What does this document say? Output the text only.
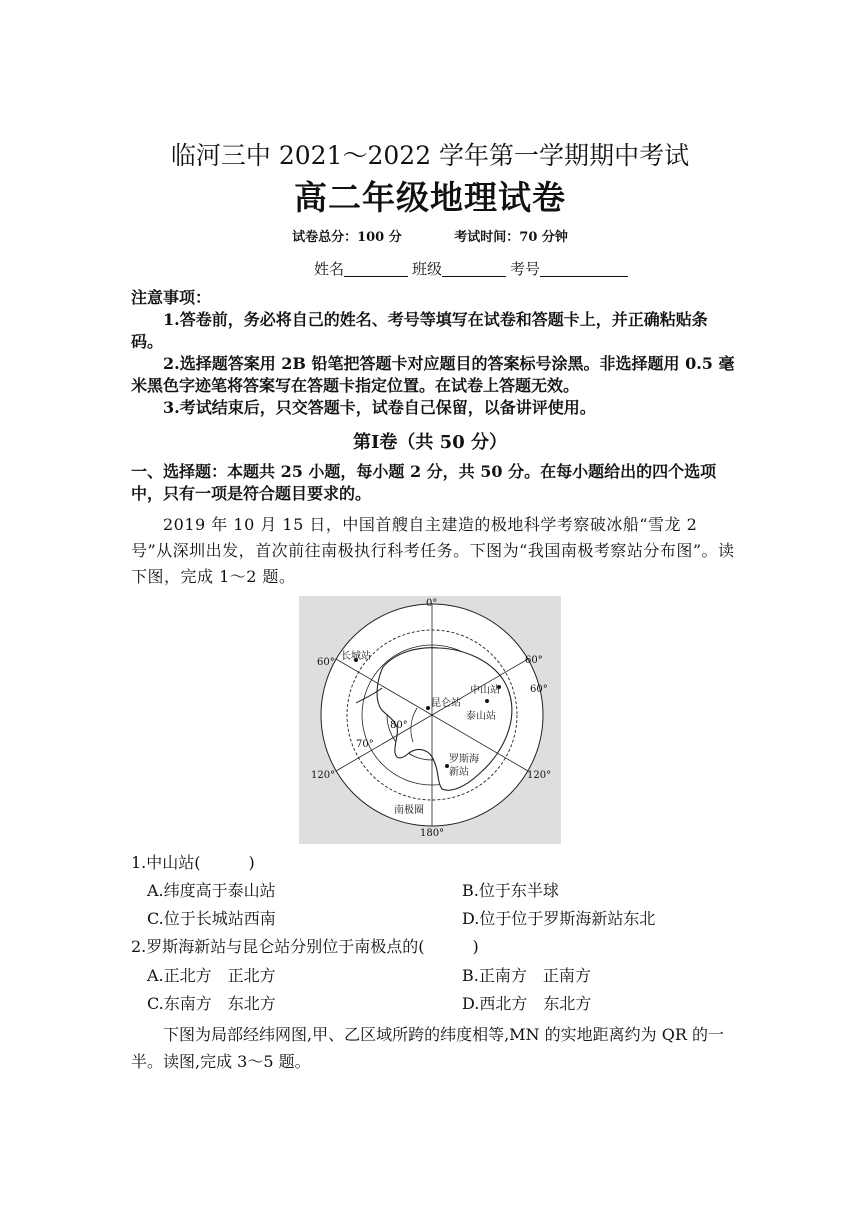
临河三中 2021～2022 学年第一学期期中考试
高二年级地理试卷
试卷总分：100 分	考试时间：70 分钟
姓名	班级	考号
注意事项：
1.答卷前，务必将自己的姓名、考号等填写在试卷和答题卡上，并正确粘贴条码。
2.选择题答案用 2B 铅笔把答题卡对应题目的答案标号涂黑。非选择题用 0.5 毫米黑色字迹笔将答案写在答题卡指定位置。在试卷上答题无效。
3.考试结束后，只交答题卡，试卷自己保留，以备讲评使用。
第Ⅰ卷（共 50 分）
一、选择题：本题共 25 小题，每小题 2 分，共 50 分。在每小题给出的四个选项中，只有一项是符合题目要求的。
2019 年 10 月 15 日，中国首艘自主建造的极地科学考察破冰船“雪龙 2 号”从深圳出发，首次前往南极执行科考任务。下图为“我国南极考察站分布图”。读下图，完成 1～2 题。
0°
180°
60°	60°
60°
120°	120°
80°
70°
长城站
昆仑站
中山站
泰山站
罗斯海
新站
南极圈
1.中山站(　　　)
A.纬度高于泰山站	B.位于东半球
C.位于长城站西南	D.位于位于罗斯海新站东北
2.罗斯海新站与昆仑站分别位于南极点的(　　　)
A.正北方　正北方	B.正南方　正南方
C.东南方　东北方	D.西北方　东北方
下图为局部经纬网图,甲、乙区域所跨的纬度相等,MN 的实地距离约为 QR 的一半。读图,完成 3～5 题。
